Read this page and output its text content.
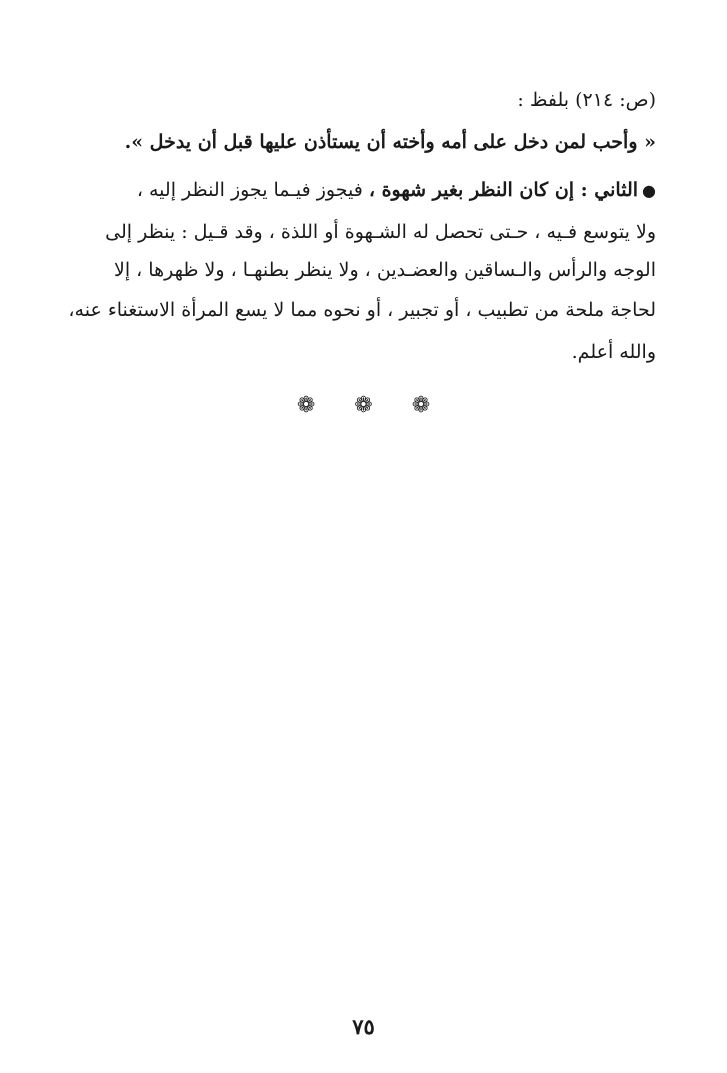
(ص: ٢١٤) بلفظ :
« وأحب لمن دخل على أمه وأخته أن يستأذن عليها قبل أن يدخل ».
●الثاني : إن كان النظر بغير شهوة ، فيجوز فيـما يجوز النظر إليه ،
ولا يتوسع فـيه ، حـتى تحصل له الشـهوة أو اللذة ، وقد قـيل : ينظر إلى
الوجه والرأس والـساقين والعضـدين ، ولا ينظر بطنهـا ، ولا ظهرها ، إلا
لحاجة ملحة من تطبيب ، أو تجبير ، أو نحوه مما لا يسع المرأة الاستغناء عنه،
والله أعلم.
❁ ❁ ❁
٧٥
